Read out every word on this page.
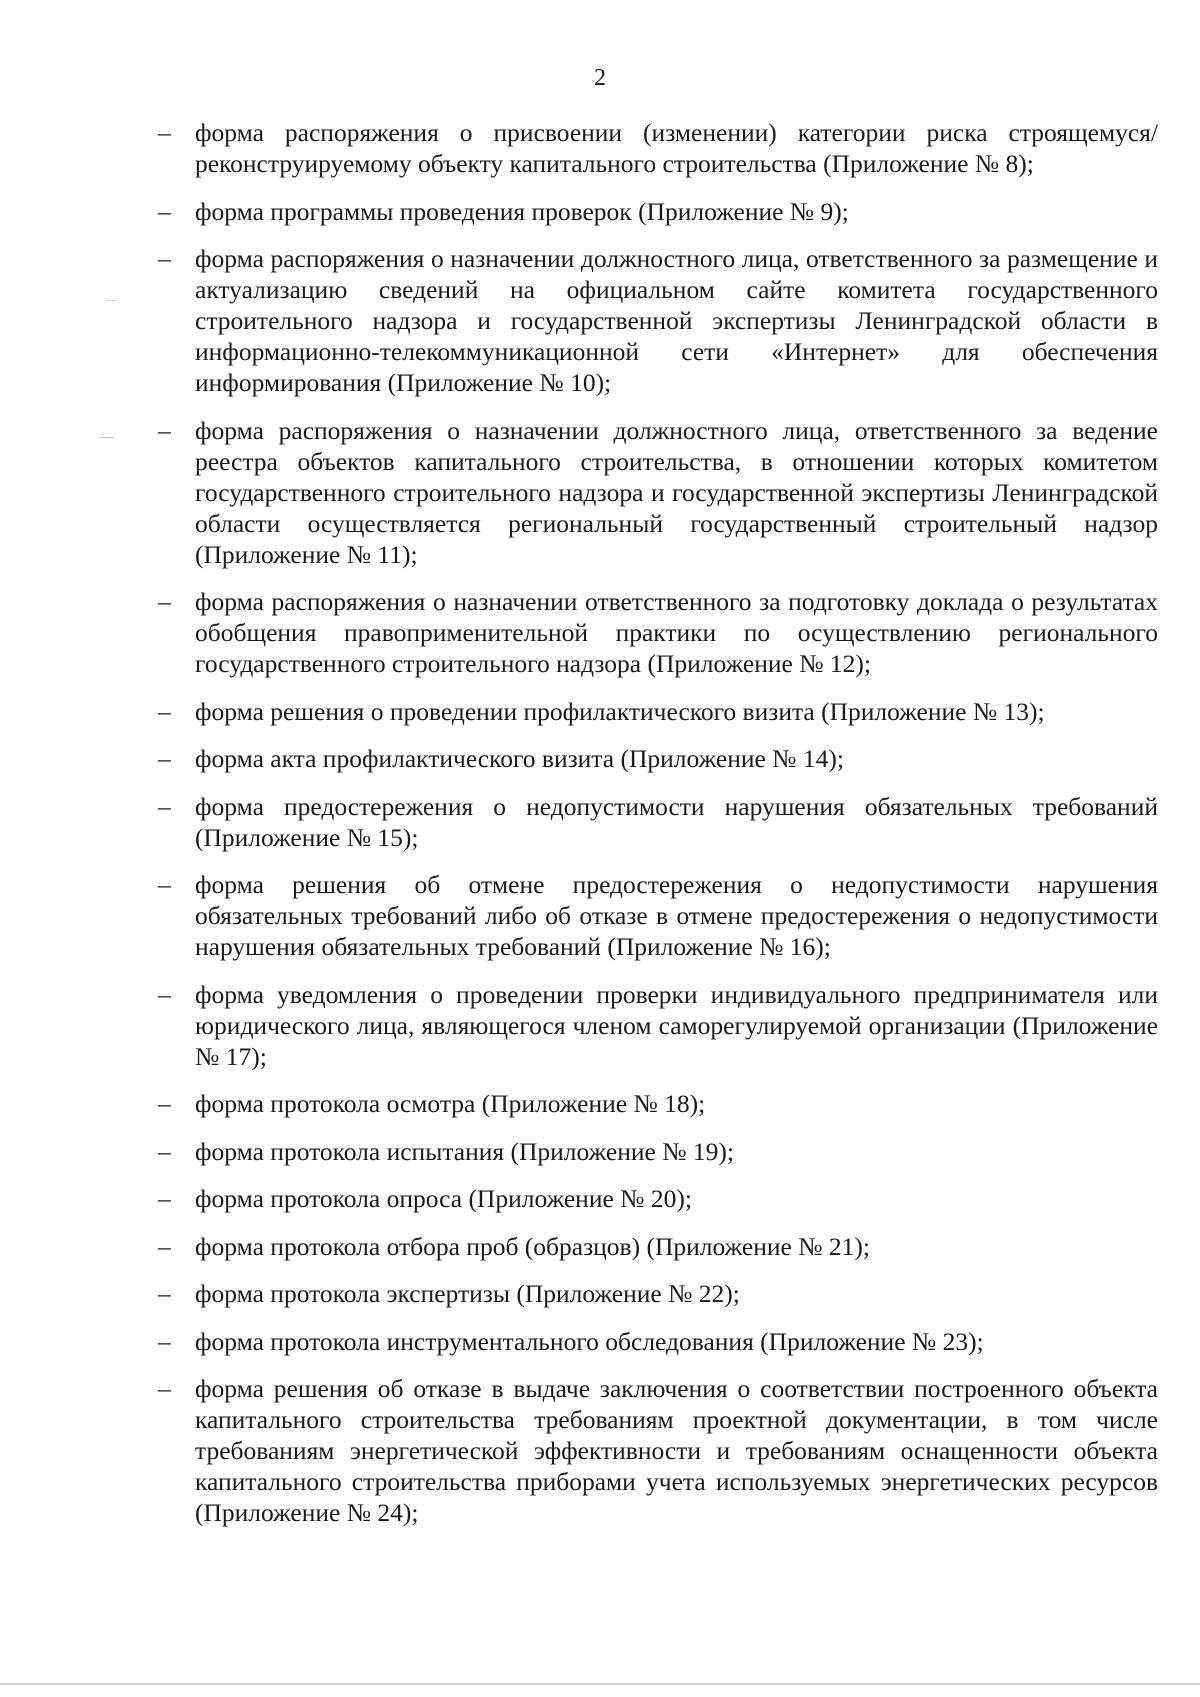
2
– форма распоряжения о присвоении (изменении) категории риска строящемуся/реконструируемому объекту капитального строительства (Приложение № 8);
– форма программы проведения проверок (Приложение № 9);
– форма распоряжения о назначении должностного лица, ответственного за размещение и актуализацию сведений на официальном сайте комитета государственного строительного надзора и государственной экспертизы Ленинградской области в информационно-телекоммуникационной сети «Интернет» для обеспечения информирования (Приложение № 10);
– форма распоряжения о назначении должностного лица, ответственного за ведение реестра объектов капитального строительства, в отношении которых комитетом государственного строительного надзора и государственной экспертизы Ленинградской области осуществляется региональный государственный строительный надзор (Приложение № 11);
– форма распоряжения о назначении ответственного за подготовку доклада о результатах обобщения правоприменительной практики по осуществлению регионального государственного строительного надзора (Приложение № 12);
– форма решения о проведении профилактического визита (Приложение № 13);
– форма акта профилактического визита (Приложение № 14);
– форма предостережения о недопустимости нарушения обязательных требований (Приложение № 15);
– форма решения об отмене предостережения о недопустимости нарушения обязательных требований либо об отказе в отмене предостережения о недопустимости нарушения обязательных требований (Приложение № 16);
– форма уведомления о проведении проверки индивидуального предпринимателя или юридического лица, являющегося членом саморегулируемой организации (Приложение № 17);
– форма протокола осмотра (Приложение № 18);
– форма протокола испытания (Приложение № 19);
– форма протокола опроса (Приложение № 20);
– форма протокола отбора проб (образцов) (Приложение № 21);
– форма протокола экспертизы (Приложение № 22);
– форма протокола инструментального обследования (Приложение № 23);
– форма решения об отказе в выдаче заключения о соответствии построенного объекта капитального строительства требованиям проектной документации, в том числе требованиям энергетической эффективности и требованиям оснащенности объекта капитального строительства приборами учета используемых энергетических ресурсов (Приложение № 24);
